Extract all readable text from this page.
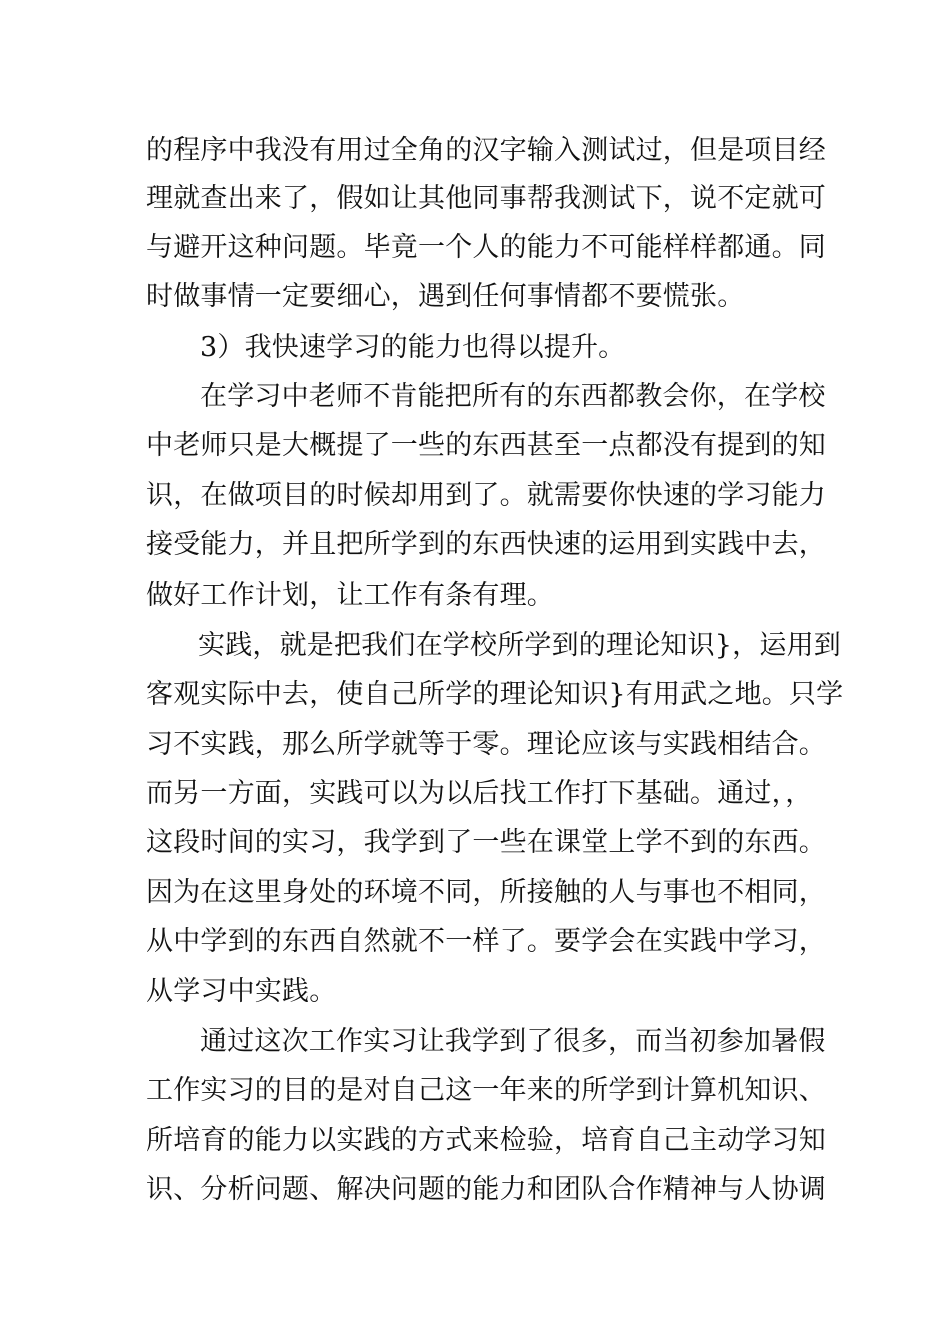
的程序中我没有用过全角的汉字输入测试过，但是项目经
理就查出来了，假如让其他同事帮我测试下，说不定就可
与避开这种问题。毕竟一个人的能力不可能样样都通。同
时做事情一定要细心，遇到任何事情都不要慌张。
3）我快速学习的能力也得以提升。
在学习中老师不肯能把所有的东西都教会你，在学校
中老师只是大概提了一些的东西甚至一点都没有提到的知
识，在做项目的时候却用到了。就需要你快速的学习能力
接受能力，并且把所学到的东西快速的运用到实践中去，
做好工作计划，让工作有条有理。
实践，就是把我们在学校所学到的理论知识}，运用到
客观实际中去，使自己所学的理论知识}有用武之地。只学
习不实践，那么所学就等于零。理论应该与实践相结合。
而另一方面，实践可以为以后找工作打下基础。通过，，
这段时间的实习，我学到了一些在课堂上学不到的东西。
因为在这里身处的环境不同，所接触的人与事也不相同，
从中学到的东西自然就不一样了。要学会在实践中学习，
从学习中实践。
通过这次工作实习让我学到了很多，而当初参加暑假
工作实习的目的是对自己这一年来的所学到计算机知识、
所培育的能力以实践的方式来检验，培育自己主动学习知
识、分析问题、解决问题的能力和团队合作精神与人协调
